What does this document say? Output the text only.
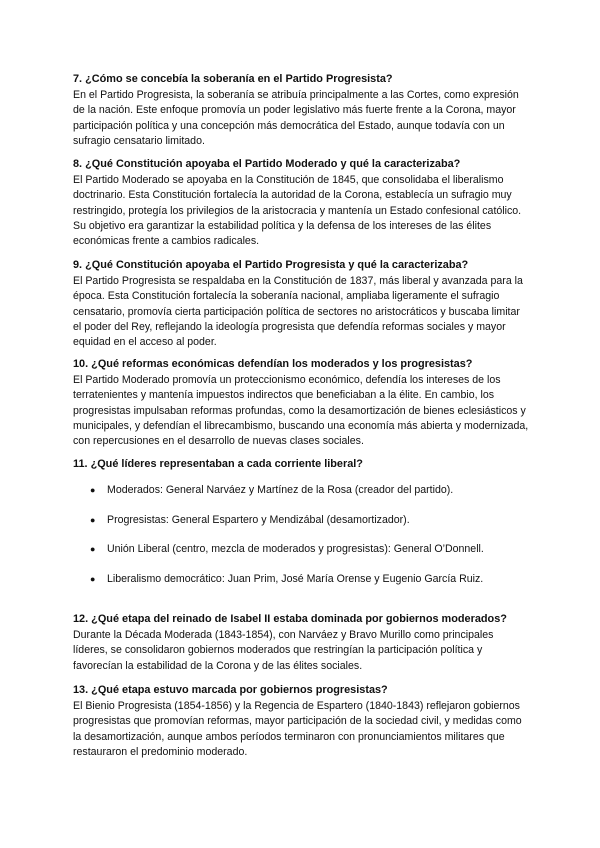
7. ¿Cómo se concebía la soberanía en el Partido Progresista?

En el Partido Progresista, la soberanía se atribuía principalmente a las Cortes, como expresión de la nación. Este enfoque promovía un poder legislativo más fuerte frente a la Corona, mayor participación política y una concepción más democrática del Estado, aunque todavía con un sufragio censatario limitado.

8. ¿Qué Constitución apoyaba el Partido Moderado y qué la caracterizaba?

El Partido Moderado se apoyaba en la Constitución de 1845, que consolidaba el liberalismo doctrinario. Esta Constitución fortalecía la autoridad de la Corona, establecía un sufragio muy restringido, protegía los privilegios de la aristocracia y mantenía un Estado confesional católico. Su objetivo era garantizar la estabilidad política y la defensa de los intereses de las élites económicas frente a cambios radicales.

9. ¿Qué Constitución apoyaba el Partido Progresista y qué la caracterizaba?

El Partido Progresista se respaldaba en la Constitución de 1837, más liberal y avanzada para la época. Esta Constitución fortalecía la soberanía nacional, ampliaba ligeramente el sufragio censatario, promovía cierta participación política de sectores no aristocráticos y buscaba limitar el poder del Rey, reflejando la ideología progresista que defendía reformas sociales y mayor equidad en el acceso al poder.

10. ¿Qué reformas económicas defendían los moderados y los progresistas?

El Partido Moderado promovía un proteccionismo económico, defendía los intereses de los terratenientes y mantenía impuestos indirectos que beneficiaban a la élite. En cambio, los progresistas impulsaban reformas profundas, como la desamortización de bienes eclesiásticos y municipales, y defendían el librecambismo, buscando una economía más abierta y modernizada, con repercusiones en el desarrollo de nuevas clases sociales.

11. ¿Qué líderes representaban a cada corriente liberal?
● Moderados: General Narváez y Martínez de la Rosa (creador del partido).
● Progresistas: General Espartero y Mendizábal (desamortizador).
● Unión Liberal (centro, mezcla de moderados y progresistas): General O’Donnell.
● Liberalismo democrático: Juan Prim, José María Orense y Eugenio García Ruiz.
12. ¿Qué etapa del reinado de Isabel II estaba dominada por gobiernos moderados?

Durante la Década Moderada (1843-1854), con Narváez y Bravo Murillo como principales líderes, se consolidaron gobiernos moderados que restringían la participación política y favorecían la estabilidad de la Corona y de las élites sociales.

13. ¿Qué etapa estuvo marcada por gobiernos progresistas?

El Bienio Progresista (1854-1856) y la Regencia de Espartero (1840-1843) reflejaron gobiernos progresistas que promovían reformas, mayor participación de la sociedad civil, y medidas como la desamortización, aunque ambos períodos terminaron con pronunciamientos militares que restauraron el predominio moderado.
